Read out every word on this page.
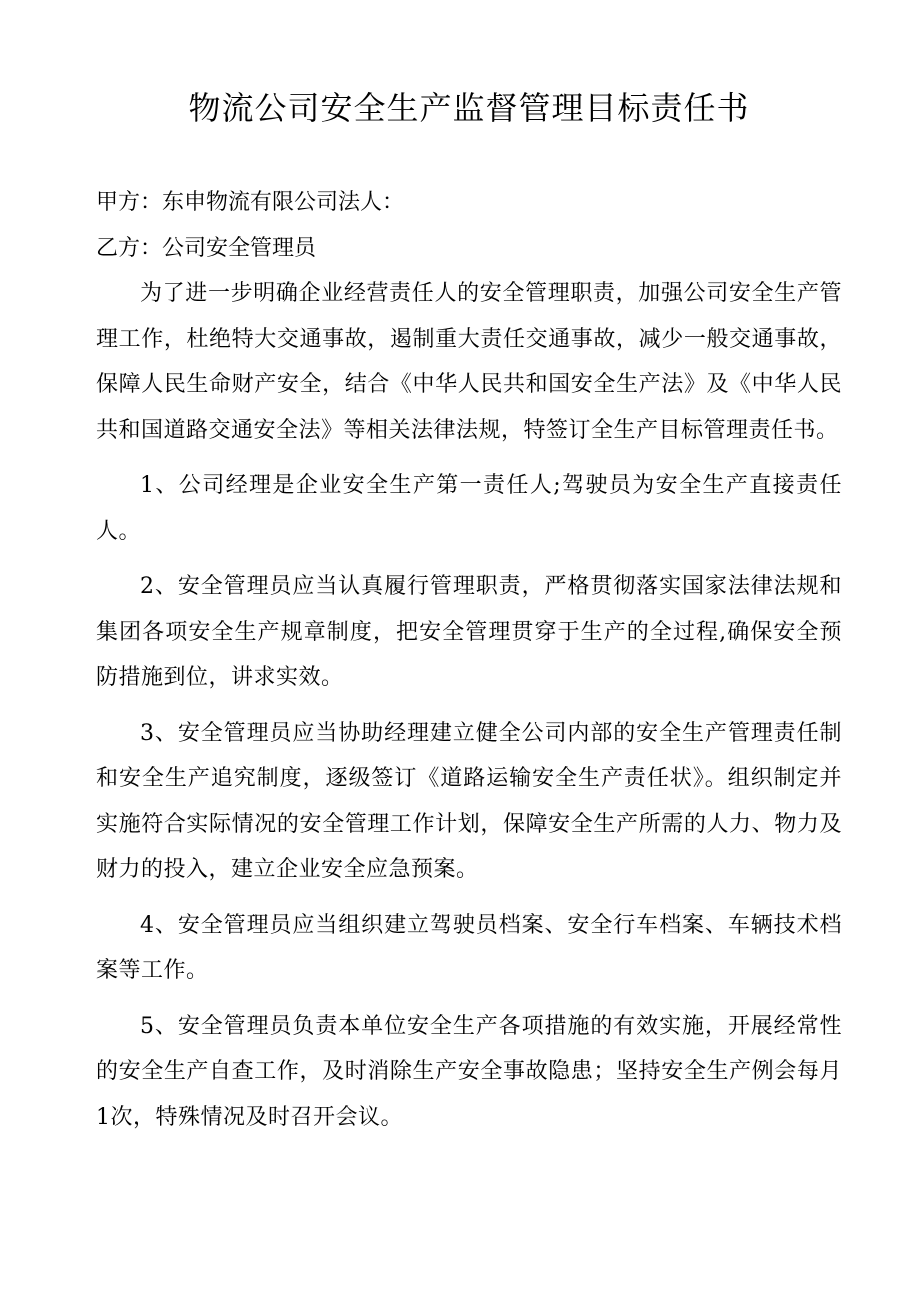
物流公司安全生产监督管理目标责任书

甲方：东申物流有限公司法人：

乙方：公司安全管理员

为了进一步明确企业经营责任人的安全管理职责，加强公司安全生产管理工作，杜绝特大交通事故，遏制重大责任交通事故，减少一般交通事故，保障人民生命财产安全，结合《中华人民共和国安全生产法》及《中华人民共和国道路交通安全法》等相关法律法规，特签订全生产目标管理责任书。

1、公司经理是企业安全生产第一责任人;驾驶员为安全生产直接责任人。

2、安全管理员应当认真履行管理职责，严格贯彻落实国家法律法规和集团各项安全生产规章制度，把安全管理贯穿于生产的全过程,确保安全预防措施到位，讲求实效。

3、安全管理员应当协助经理建立健全公司内部的安全生产管理责任制和安全生产追究制度，逐级签订《道路运输安全生产责任状》。组织制定并实施符合实际情况的安全管理工作计划，保障安全生产所需的人力、物力及财力的投入，建立企业安全应急预案。

4、安全管理员应当组织建立驾驶员档案、安全行车档案、车辆技术档案等工作。

5、安全管理员负责本单位安全生产各项措施的有效实施，开展经常性的安全生产自查工作，及时消除生产安全事故隐患；坚持安全生产例会每月1次，特殊情况及时召开会议。
